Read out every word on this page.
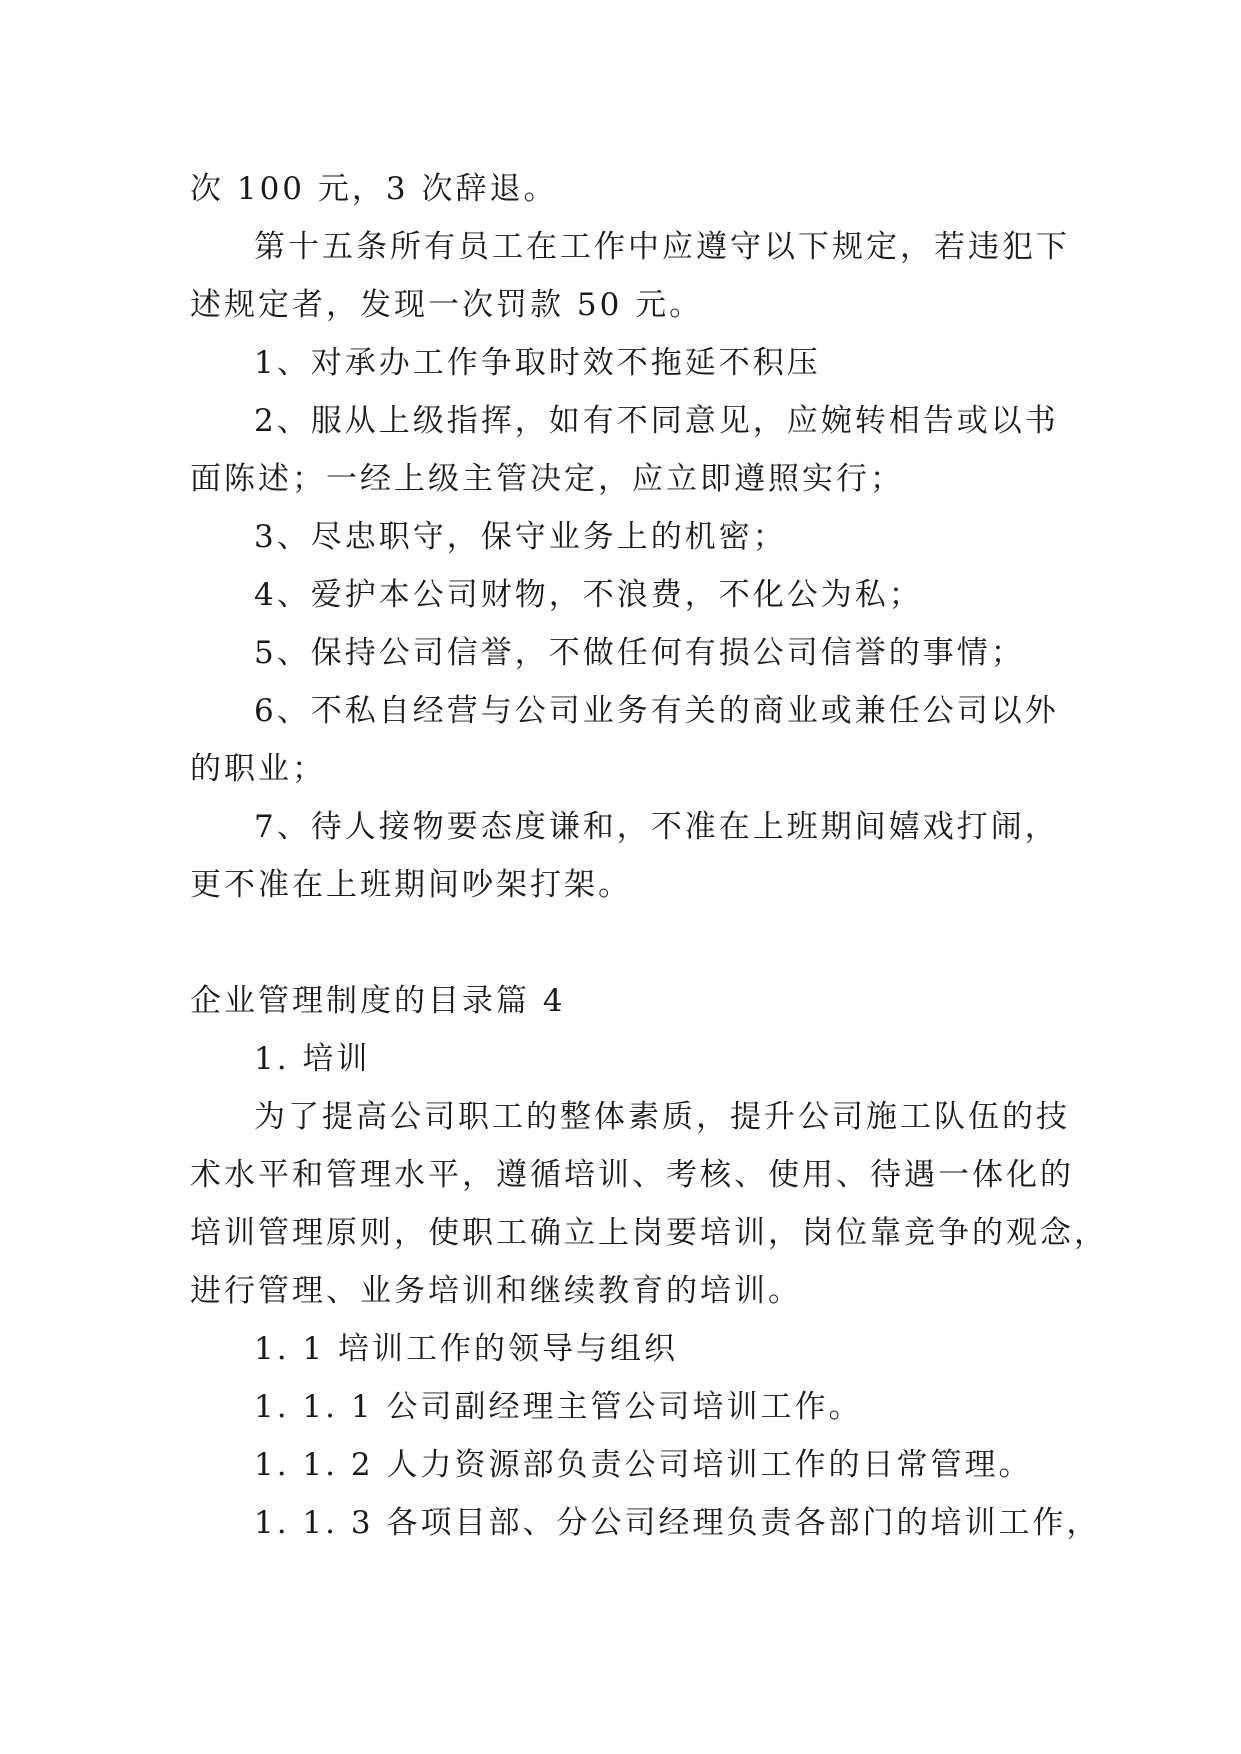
次 100 元，3 次辞退。

第十五条所有员工在工作中应遵守以下规定，若违犯下

述规定者，发现一次罚款 50 元。

1、对承办工作争取时效不拖延不积压

2、服从上级指挥，如有不同意见，应婉转相告或以书

面陈述；一经上级主管决定，应立即遵照实行；

3、尽忠职守，保守业务上的机密；

4、爱护本公司财物，不浪费，不化公为私；

5、保持公司信誉，不做任何有损公司信誉的事情；

6、不私自经营与公司业务有关的商业或兼任公司以外

的职业；

7、待人接物要态度谦和，不准在上班期间嬉戏打闹，

更不准在上班期间吵架打架。

企业管理制度的目录篇 4

1. 培训

为了提高公司职工的整体素质，提升公司施工队伍的技

术水平和管理水平，遵循培训、考核、使用、待遇一体化的

培训管理原则，使职工确立上岗要培训，岗位靠竞争的观念，

进行管理、业务培训和继续教育的培训。

1. 1 培训工作的领导与组织

1. 1. 1 公司副经理主管公司培训工作。

1. 1. 2 人力资源部负责公司培训工作的日常管理。

1. 1. 3 各项目部、分公司经理负责各部门的培训工作，
